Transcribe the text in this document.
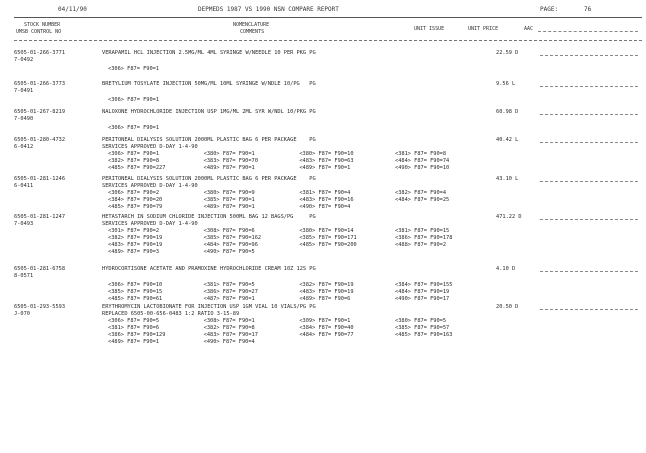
04/11/90	DEPMEDS 1987 VS 1990 NSN COMPARE REPORT	PAGE:	76
STOCK NUMBER
UMSB CONTROL NO
NOMENCLATURE
COMMENTS	UNIT ISSUE	UNIT PRICE	AAC
6505-01-266-3771
7-0492
VERAPAMIL HCL INJECTION 2.5MG/ML 4ML SYRINGE W/NEEDLE 10 PER PKG PG	22.59 D
<306> F87= F90=1
6505-01-266-3773
7-0491
BRETYLIUM TOSYLATE INJECTION 50MG/ML 10ML SYRINGE W/NDLE 10/PG   PG	9.56 L
<306> F87= F90=1
6505-01-267-8219
7-0490
NALOXONE HYDROCHLORIDE INJECTION USP 1MG/ML 2ML SYR W/NDL 10/PKG PG	60.98 D
<306> F87= F90=1
6505-01-280-4732
6-0412
PERITONEAL DIALYSIS SOLUTION 2000ML PLASTIC BAG 6 PER PACKAGE    PG	40.42 L
SERVICES APPROVED D-DAY 1-4-90
<306> F87= F90=1              <380> F87= F90=1              <380> F87= F90=10             <381> F87= F90=8
<382> F87= F90=8              <383> F87= F90=70             <483> F87= F90=63             <484> F87= F90=74
<485> F87= F90=227            <489> F87= F90=1              <489> F87= F90=1              <490> F87= F90=10
6505-01-281-1246
6-0411
PERITONEAL DIALYSIS SOLUTION 2000ML PLASTIC BAG 6 PER PACKAGE    PG	43.10 L
SERVICES APPROVED D-DAY 1-4-90
<306> F87= F90=2              <380> F87= F90=9              <381> F87= F90=4              <382> F87= F90=4
<384> F87= F90=20             <385> F87= F90=1              <483> F87= F90=16             <484> F87= F90=25
<485> F87= F90=79             <489> F87= F90=1              <490> F87= F90=4
6505-01-281-1247
7-0493
HETASTARCH IN SODIUM CHLORIDE INJECTION 500ML BAG 12 BAGS/PG     PG	471.22 D
SERVICES APPROVED D-DAY 1-4-90
<301> F87= F90=2              <308> F87= F90=6              <380> F87= F90=14             <381> F87= F90=15
<382> F87= F90=19             <385> F87= F90=162            <385> F87= F90=171            <386> F87= F90=178
<483> F87= F90=19             <484> F87= F90=96             <485> F87= F90=200            <488> F87= F90=2
<489> F87= F90=3              <490> F87= F90=5
6505-01-281-6758
8-0571
HYDROCORTISONE ACETATE AND PRAMOXINE HYDROCHLORIDE CREAM 10Z 12S PG	4.10 D
<306> F87= F90=10             <381> F87= F90=5              <382> F87= F90=19             <384> F87= F90=155
<385> F87= F90=15             <386> F87= F90=27             <483> F87= F90=19             <484> F87= F90=19
<485> F87= F90=61             <487> F87= F90=1              <489> F87= F90=6              <490> F87= F90=17
6505-01-293-5593
J-070
ERYTHROMYCIN LACTOBIONATE FOR INJECTION USP 1GM VIAL 10 VIALS/PG PG	20.50 D
REPLACED 6505-00-656-0483 1:2 RATIO 3-15-89
<306> F87= F90=5              <308> F87= F90=1              <309> F87= F90=1              <380> F87= F90=5
<381> F87= F90=6              <382> F87= F90=8              <384> F87= F90=40             <385> F87= F90=57
<386> F87= F90=129            <483> F87= F90=17             <484> F87= F90=77             <485> F87= F90=163
<489> F87= F90=1              <490> F87= F90=4
